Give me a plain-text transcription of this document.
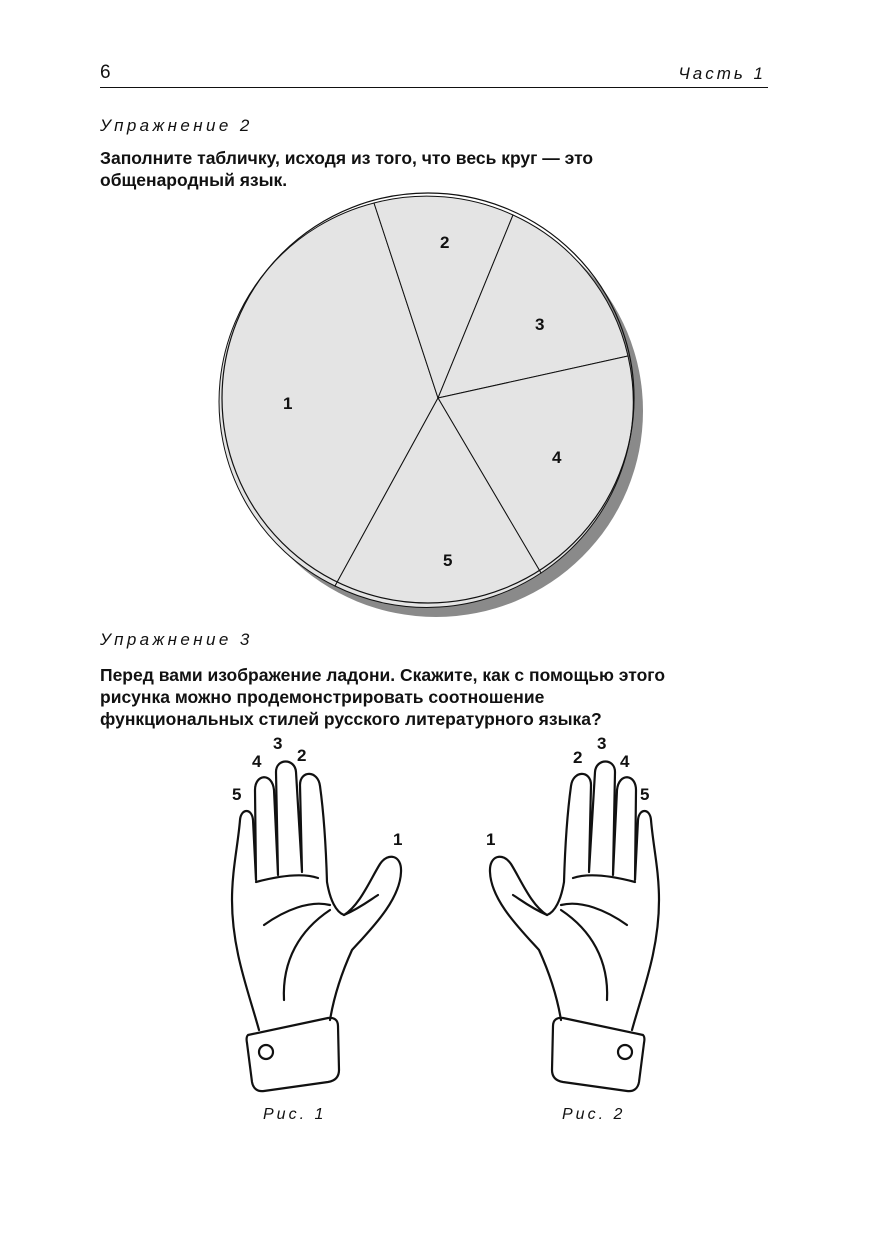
6	Часть 1
Упражнение 2
Заполните табличку, исходя из того, что весь круг — это
общенародный язык.
1
2
3
4
5
Упражнение 3
Перед вами изображение ладони. Скажите, как с помощью этого
рисунка можно продемонстрировать соотношение
функциональных стилей русского литературного языка?
1
2
3
4
5
1
2
3
4
5
Рис. 1	Рис. 2
